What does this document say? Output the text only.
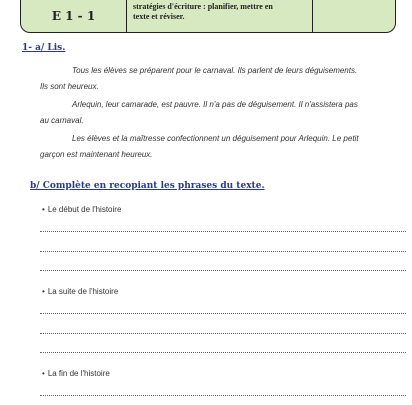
E 1 - 1
stratégies d'écriture : planifier, mettre en
texte et réviser.
1- a/ Lis.
Tous les élèves se préparent pour le carnaval. Ils parlent de leurs déguisements.
Ils sont heureux.
Arlequin, leur camarade, est pauvre. Il n'a pas de déguisement. Il n'assistera pas
au carnaval.
Les élèves et la maîtresse confectionnent un déguisement pour Arlequin. Le petit
garçon est maintenant heureux.
b/ Complète en recopiant les phrases du texte.
• Le début de l'histoire
• La suite de l'histoire
• La fin de l'histoire
